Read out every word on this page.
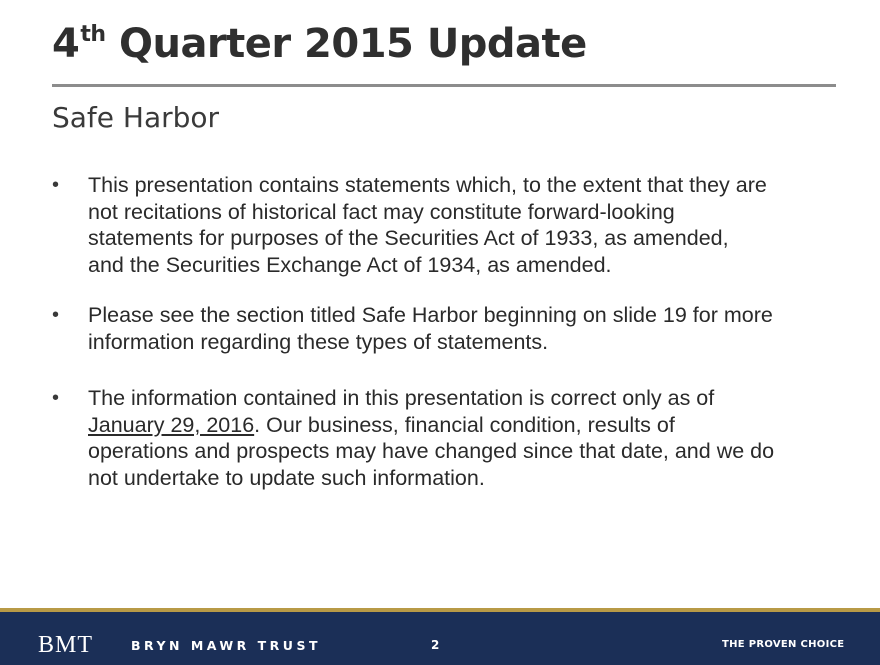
4th Quarter 2015 Update
Safe Harbor
• This presentation contains statements which, to the extent that they are
not recitations of historical fact may constitute forward-looking
statements for purposes of the Securities Act of 1933, as amended,
and the Securities Exchange Act of 1934, as amended.
• Please see the section titled Safe Harbor beginning on slide 19 for more
information regarding these types of statements.
• The information contained in this presentation is correct only as of
January 29, 2016. Our business, financial condition, results of
operations and prospects may have changed since that date, and we do
not undertake to update such information.
BMT	BRYN MAWR TRUST	2	THE PROVEN CHOICE
